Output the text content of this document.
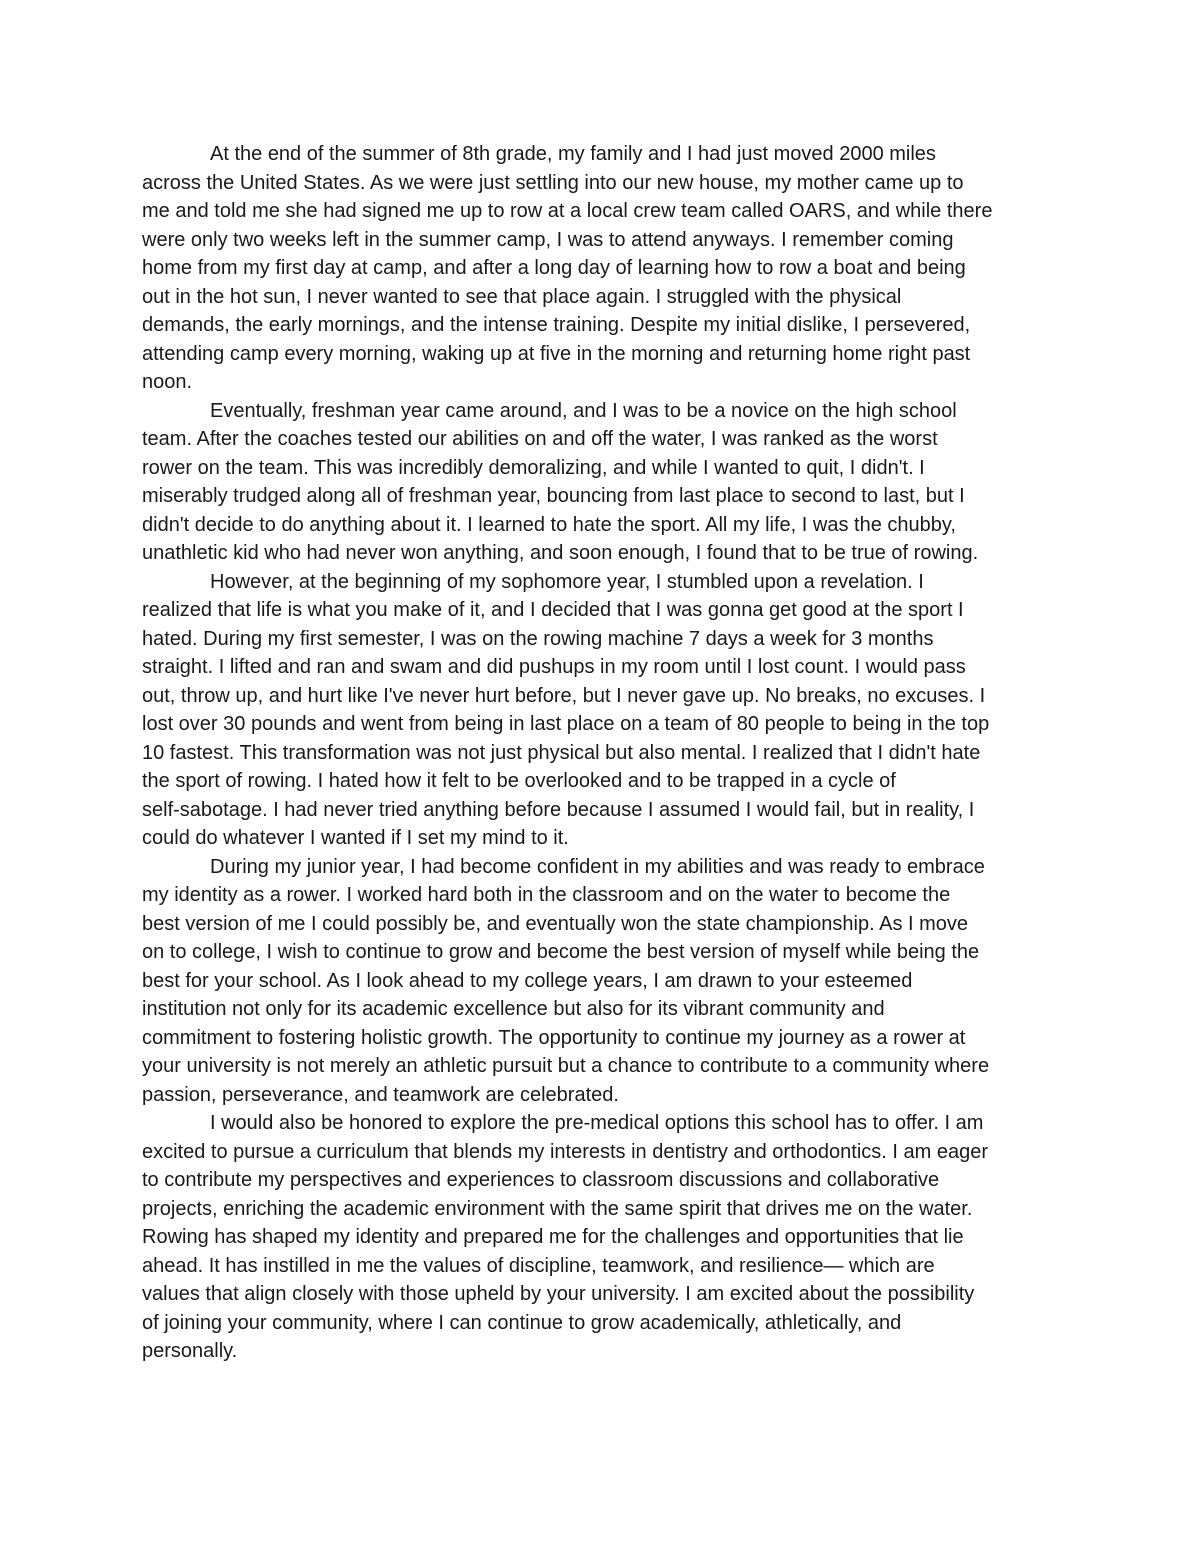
At the end of the summer of 8th grade, my family and I had just moved 2000 miles
across the United States. As we were just settling into our new house, my mother came up to
me and told me she had signed me up to row at a local crew team called OARS, and while there
were only two weeks left in the summer camp, I was to attend anyways. I remember coming
home from my first day at camp, and after a long day of learning how to row a boat and being
out in the hot sun, I never wanted to see that place again. I struggled with the physical
demands, the early mornings, and the intense training. Despite my initial dislike, I persevered,
attending camp every morning, waking up at five in the morning and returning home right past
noon.
Eventually, freshman year came around, and I was to be a novice on the high school
team. After the coaches tested our abilities on and off the water, I was ranked as the worst
rower on the team. This was incredibly demoralizing, and while I wanted to quit, I didn't. I
miserably trudged along all of freshman year, bouncing from last place to second to last, but I
didn't decide to do anything about it. I learned to hate the sport. All my life, I was the chubby,
unathletic kid who had never won anything, and soon enough, I found that to be true of rowing.
However, at the beginning of my sophomore year, I stumbled upon a revelation. I
realized that life is what you make of it, and I decided that I was gonna get good at the sport I
hated. During my first semester, I was on the rowing machine 7 days a week for 3 months
straight. I lifted and ran and swam and did pushups in my room until I lost count. I would pass
out, throw up, and hurt like I've never hurt before, but I never gave up. No breaks, no excuses. I
lost over 30 pounds and went from being in last place on a team of 80 people to being in the top
10 fastest. This transformation was not just physical but also mental. I realized that I didn't hate
the sport of rowing. I hated how it felt to be overlooked and to be trapped in a cycle of
self-sabotage. I had never tried anything before because I assumed I would fail, but in reality, I
could do whatever I wanted if I set my mind to it.
During my junior year, I had become confident in my abilities and was ready to embrace
my identity as a rower. I worked hard both in the classroom and on the water to become the
best version of me I could possibly be, and eventually won the state championship. As I move
on to college, I wish to continue to grow and become the best version of myself while being the
best for your school. As I look ahead to my college years, I am drawn to your esteemed
institution not only for its academic excellence but also for its vibrant community and
commitment to fostering holistic growth. The opportunity to continue my journey as a rower at
your university is not merely an athletic pursuit but a chance to contribute to a community where
passion, perseverance, and teamwork are celebrated.
I would also be honored to explore the pre-medical options this school has to offer. I am
excited to pursue a curriculum that blends my interests in dentistry and orthodontics. I am eager
to contribute my perspectives and experiences to classroom discussions and collaborative
projects, enriching the academic environment with the same spirit that drives me on the water.
Rowing has shaped my identity and prepared me for the challenges and opportunities that lie
ahead. It has instilled in me the values of discipline, teamwork, and resilience— which are
values that align closely with those upheld by your university. I am excited about the possibility
of joining your community, where I can continue to grow academically, athletically, and
personally.
